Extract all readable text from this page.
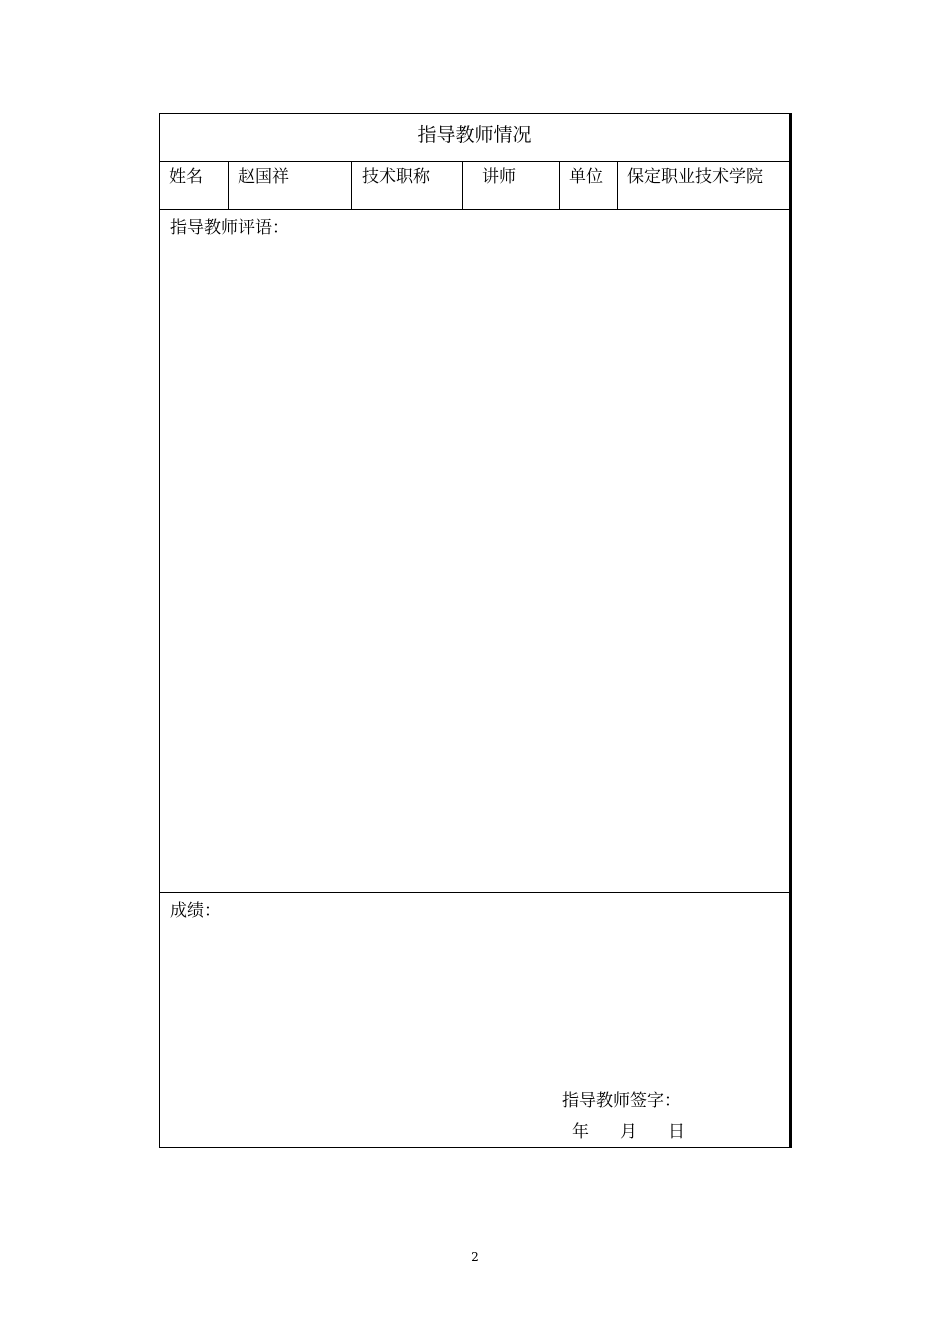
指导教师情况
姓名	赵国祥	技术职称	讲师	单位	保定职业技术学院
指导教师评语：
成绩：
指导教师签字：
年 月 日
2
